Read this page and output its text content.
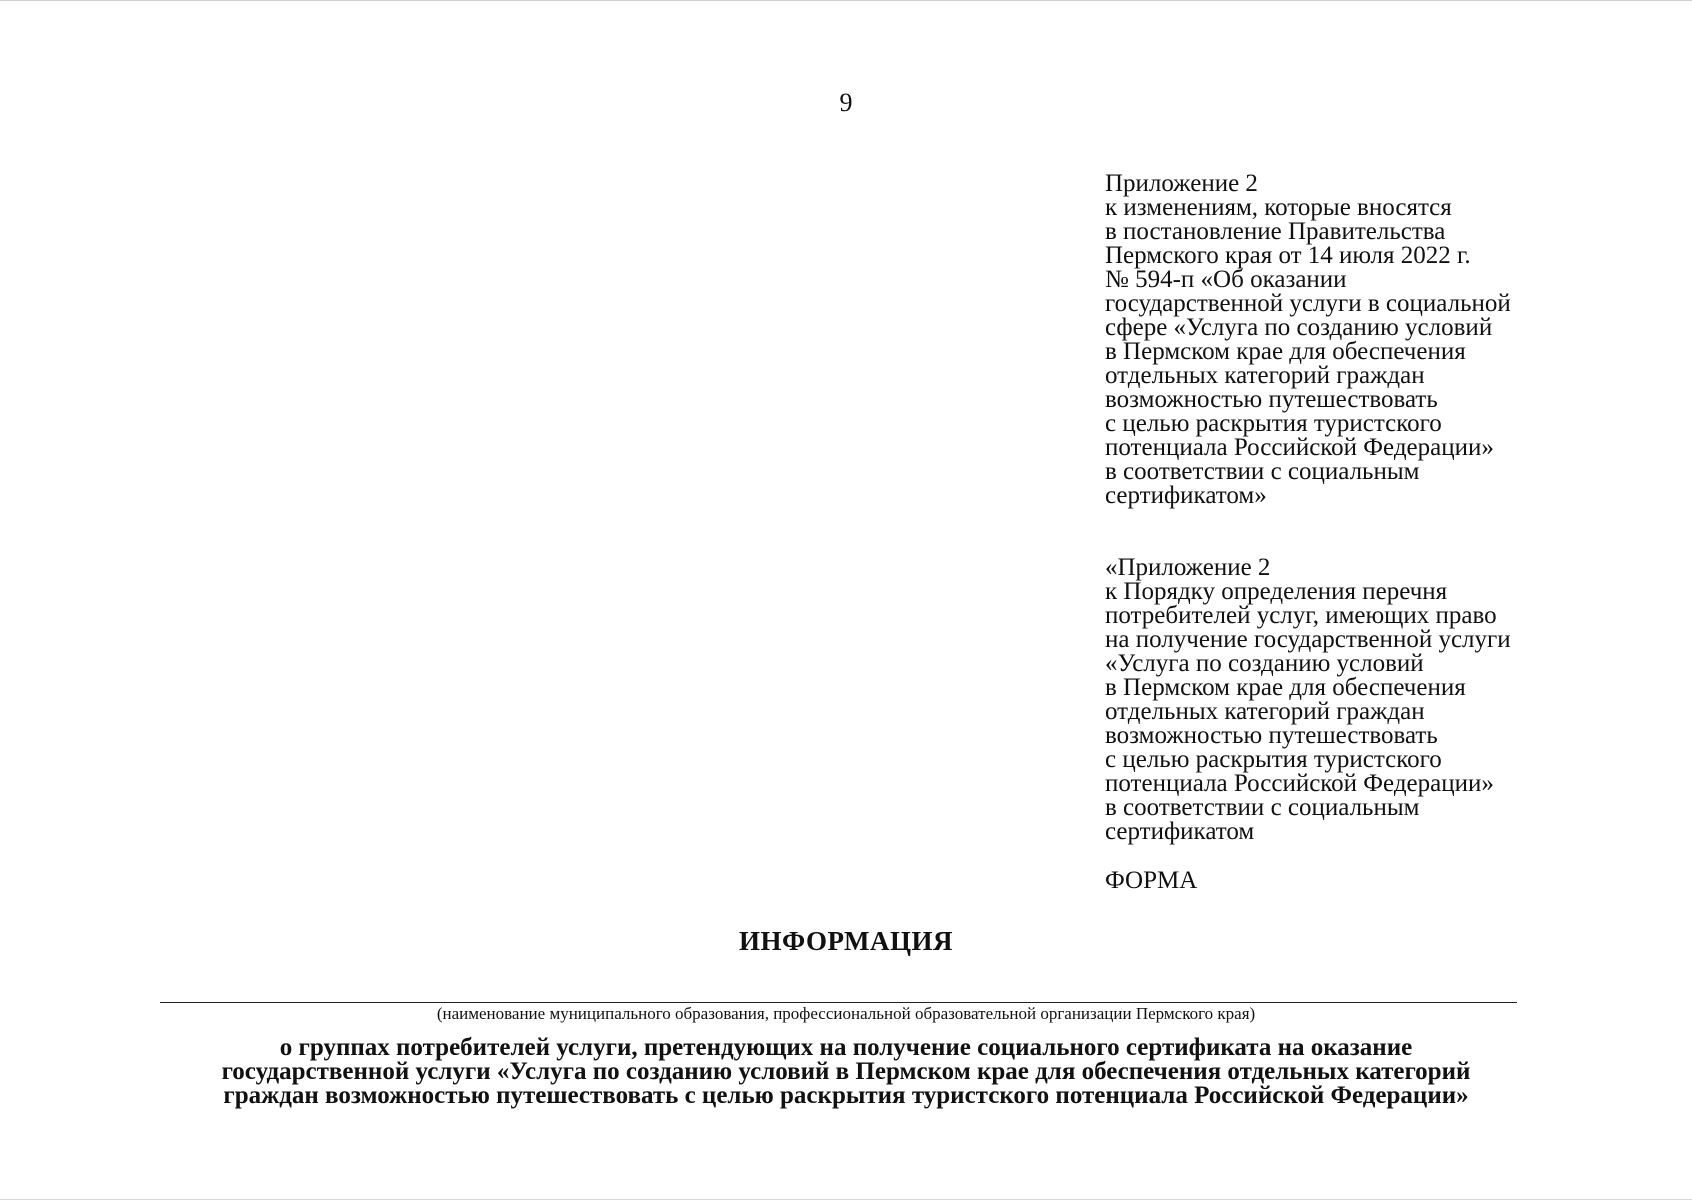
9
Приложение 2
к изменениям, которые вносятся
в постановление Правительства
Пермского края от 14 июля 2022 г.
№ 594-п «Об оказании
государственной услуги в социальной
сфере «Услуга по созданию условий
в Пермском крае для обеспечения
отдельных категорий граждан
возможностью путешествовать
с целью раскрытия туристского
потенциала Российской Федерации»
в соответствии с социальным
сертификатом»
«Приложение 2
к Порядку определения перечня
потребителей услуг, имеющих право
на получение государственной услуги
«Услуга по созданию условий
в Пермском крае для обеспечения
отдельных категорий граждан
возможностью путешествовать
с целью раскрытия туристского
потенциала Российской Федерации»
в соответствии с социальным
сертификатом
ФОРМА
ИНФОРМАЦИЯ
(наименование муниципального образования, профессиональной образовательной организации Пермского края)
о группах потребителей услуги, претендующих на получение социального сертификата на оказание
государственной услуги «Услуга по созданию условий в Пермском крае для обеспечения отдельных категорий
граждан возможностью путешествовать с целью раскрытия туристского потенциала Российской Федерации»
